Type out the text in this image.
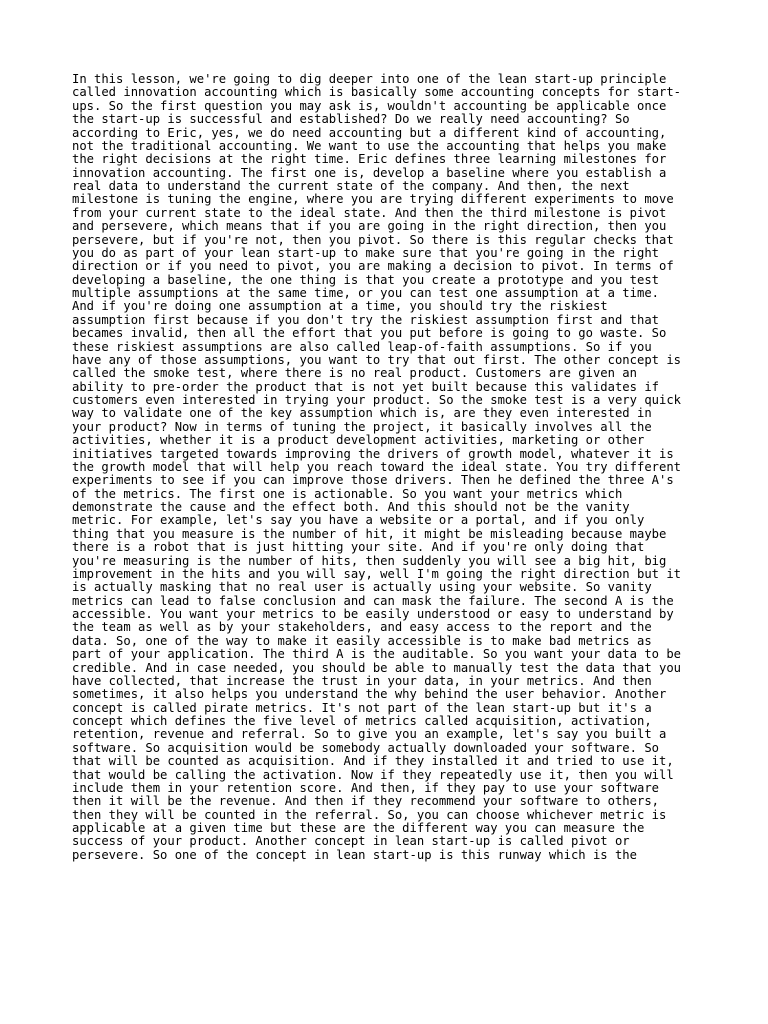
In this lesson, we're going to dig deeper into one of the lean start-up principle

called innovation accounting which is basically some accounting concepts for start-

ups. So the first question you may ask is, wouldn't accounting be applicable once

the start-up is successful and established? Do we really need accounting? So

according to Eric, yes, we do need accounting but a different kind of accounting,

not the traditional accounting. We want to use the accounting that helps you make

the right decisions at the right time. Eric defines three learning milestones for

innovation accounting. The first one is, develop a baseline where you establish a

real data to understand the current state of the company. And then, the next

milestone is tuning the engine, where you are trying different experiments to move

from your current state to the ideal state. And then the third milestone is pivot

and persevere, which means that if you are going in the right direction, then you

persevere, but if you're not, then you pivot. So there is this regular checks that

you do as part of your lean start-up to make sure that you're going in the right

direction or if you need to pivot, you are making a decision to pivot. In terms of

developing a baseline, the one thing is that you create a prototype and you test

multiple assumptions at the same time, or you can test one assumption at a time.

And if you're doing one assumption at a time, you should try the riskiest

assumption first because if you don't try the riskiest assumption first and that

becames invalid, then all the effort that you put before is going to go waste. So

these riskiest assumptions are also called leap-of-faith assumptions. So if you

have any of those assumptions, you want to try that out first. The other concept is

called the smoke test, where there is no real product. Customers are given an

ability to pre-order the product that is not yet built because this validates if

customers even interested in trying your product. So the smoke test is a very quick

way to validate one of the key assumption which is, are they even interested in

your product? Now in terms of tuning the project, it basically involves all the

activities, whether it is a product development activities, marketing or other

initiatives targeted towards improving the drivers of growth model, whatever it is

the growth model that will help you reach toward the ideal state. You try different

experiments to see if you can improve those drivers. Then he defined the three A's

of the metrics. The first one is actionable. So you want your metrics which

demonstrate the cause and the effect both. And this should not be the vanity

metric. For example, let's say you have a website or a portal, and if you only

thing that you measure is the number of hit, it might be misleading because maybe

there is a robot that is just hitting your site. And if you're only doing that

you're measuring is the number of hits, then suddenly you will see a big hit, big

improvement in the hits and you will say, well I'm going the right direction but it

is actually masking that no real user is actually using your website. So vanity

metrics can lead to false conclusion and can mask the failure. The second A is the

accessible. You want your metrics to be easily understood or easy to understand by

the team as well as by your stakeholders, and easy access to the report and the

data. So, one of the way to make it easily accessible is to make bad metrics as

part of your application. The third A is the auditable. So you want your data to be

credible. And in case needed, you should be able to manually test the data that you

have collected, that increase the trust in your data, in your metrics. And then

sometimes, it also helps you understand the why behind the user behavior. Another

concept is called pirate metrics. It's not part of the lean start-up but it's a

concept which defines the five level of metrics called acquisition, activation,

retention, revenue and referral. So to give you an example, let's say you built a

software. So acquisition would be somebody actually downloaded your software. So

that will be counted as acquisition. And if they installed it and tried to use it,

that would be calling the activation. Now if they repeatedly use it, then you will

include them in your retention score. And then, if they pay to use your software

then it will be the revenue. And then if they recommend your software to others,

then they will be counted in the referral. So, you can choose whichever metric is

applicable at a given time but these are the different way you can measure the

success of your product. Another concept in lean start-up is called pivot or

persevere. So one of the concept in lean start-up is this runway which is the
